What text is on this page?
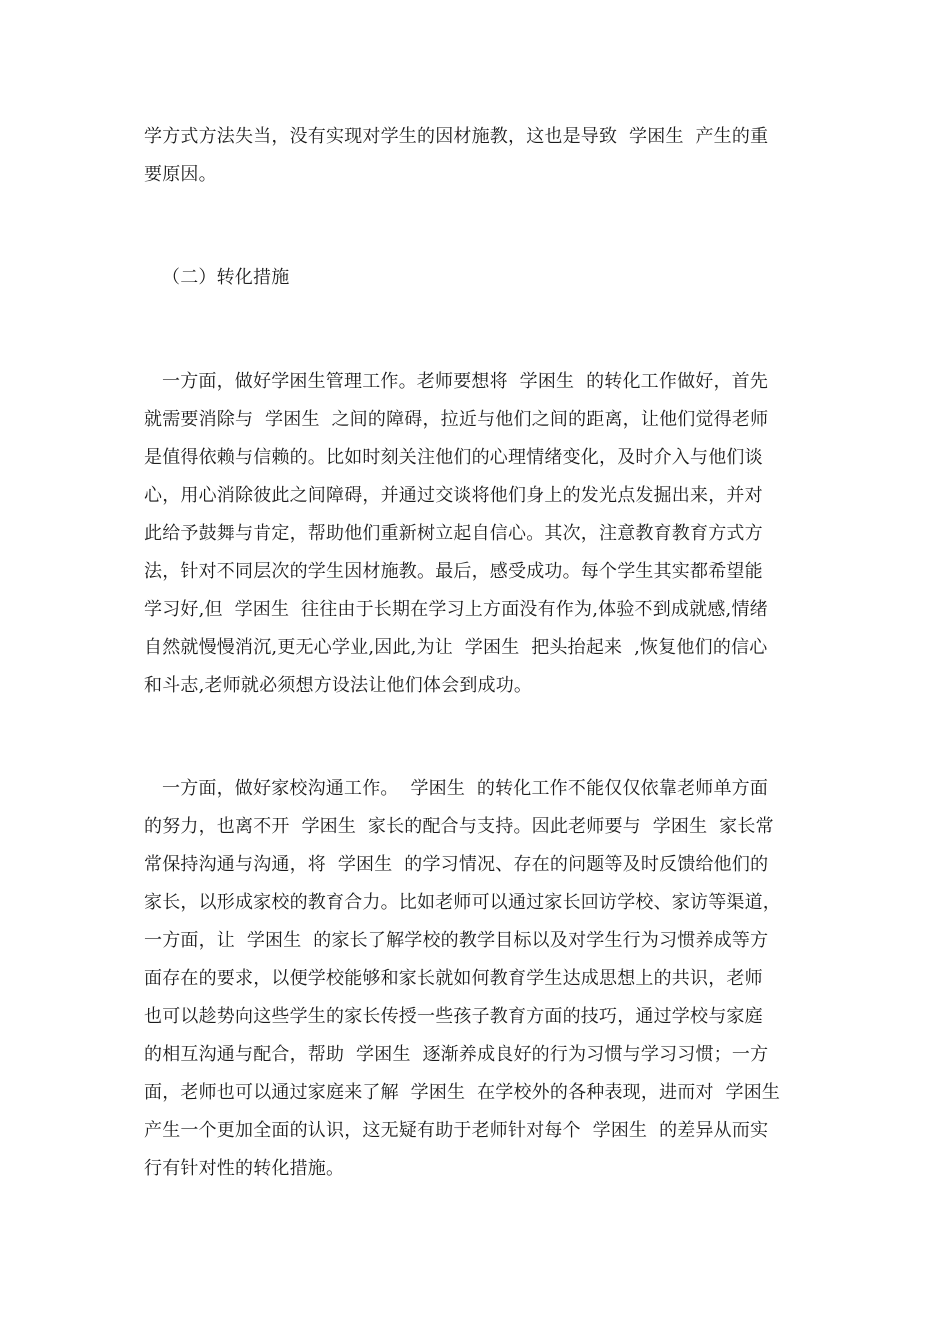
学方式方法失当，没有实现对学生的因材施教，这也是导致  学困生  产生的重
要原因。
（二）转化措施
一方面，做好学困生管理工作。老师要想将  学困生  的转化工作做好，首先
就需要消除与  学困生  之间的障碍，拉近与他们之间的距离，让他们觉得老师
是值得依赖与信赖的。比如时刻关注他们的心理情绪变化，及时介入与他们谈
心，用心消除彼此之间障碍，并通过交谈将他们身上的发光点发掘出来，并对
此给予鼓舞与肯定，帮助他们重新树立起自信心。其次，注意教育教育方式方
法，针对不同层次的学生因材施教。最后，感受成功。每个学生其实都希望能
学习好,但  学困生  往往由于长期在学习上方面没有作为,体验不到成就感,情绪
自然就慢慢消沉,更无心学业,因此,为让  学困生  把头抬起来  ,恢复他们的信心
和斗志,老师就必须想方设法让他们体会到成功。
一方面，做好家校沟通工作。  学困生  的转化工作不能仅仅依靠老师单方面
的努力，也离不开  学困生  家长的配合与支持。因此老师要与  学困生  家长常
常保持沟通与沟通，将  学困生  的学习情况、存在的问题等及时反馈给他们的
家长，以形成家校的教育合力。比如老师可以通过家长回访学校、家访等渠道，
一方面，让  学困生  的家长了解学校的教学目标以及对学生行为习惯养成等方
面存在的要求，以便学校能够和家长就如何教育学生达成思想上的共识，老师
也可以趁势向这些学生的家长传授一些孩子教育方面的技巧，通过学校与家庭
的相互沟通与配合，帮助  学困生  逐渐养成良好的行为习惯与学习习惯；一方
面，老师也可以通过家庭来了解  学困生  在学校外的各种表现，进而对  学困生
产生一个更加全面的认识，这无疑有助于老师针对每个  学困生  的差异从而实
行有针对性的转化措施。
